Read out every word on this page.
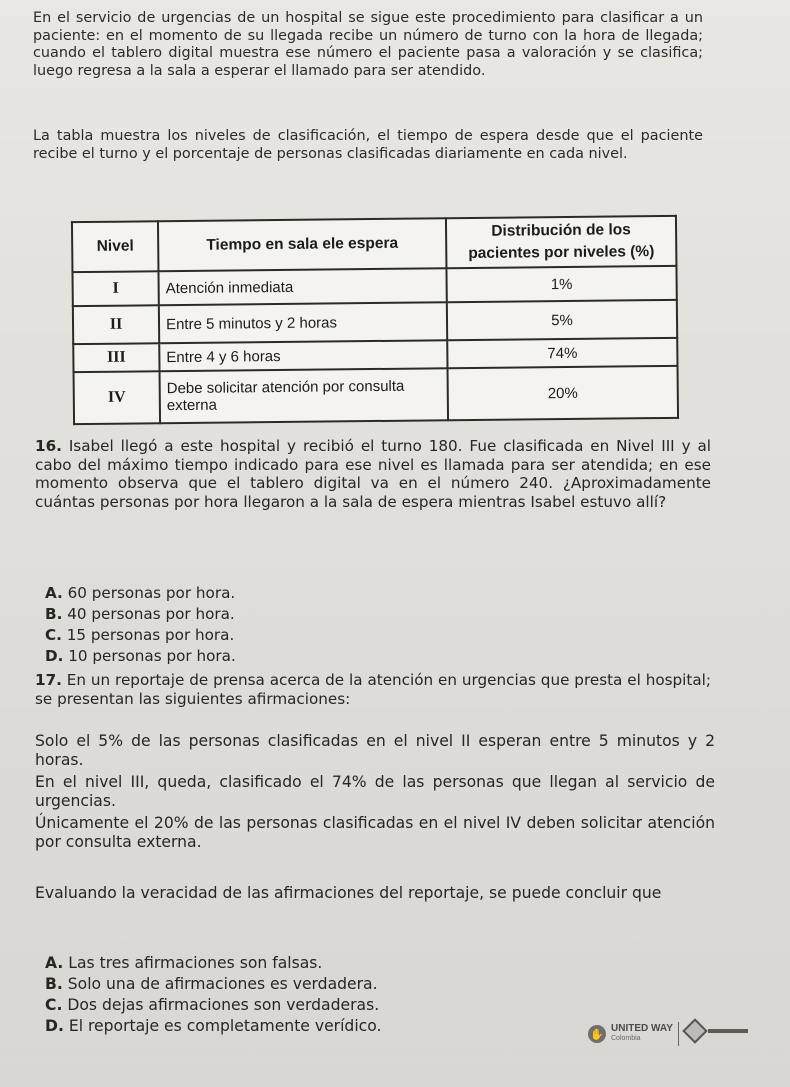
En el servicio de urgencias de un hospital se sigue este procedimiento para clasificar a un paciente: en el momento de su llegada recibe un número de turno con la hora de llegada; cuando el tablero digital muestra ese número el paciente pasa a valoración y se clasifica; luego regresa a la sala a esperar el llamado para ser atendido.
La tabla muestra los niveles de clasificación, el tiempo de espera desde que el paciente recibe el turno y el porcentaje de personas clasificadas diariamente en cada nivel.
Nivel	Tiempo en sala ele espera	Distribución de los
pacientes por niveles (%)
I	Atención inmediata	1%
II	Entre 5 minutos y 2 horas	5%
III	Entre 4 y 6 horas	74%
IV	Debe solicitar atención por consulta externa	20%
16. Isabel llegó a este hospital y recibió el turno 180. Fue clasificada en Nivel III y al cabo del máximo tiempo indicado para ese nivel es llamada para ser atendida; en ese momento observa que el tablero digital va en el número 240. ¿Aproximadamente cuántas personas por hora llegaron a la sala de espera mientras Isabel estuvo allí?
A. 60 personas por hora.
B. 40 personas por hora.
C. 15 personas por hora.
D. 10 personas por hora.
17. En un reportaje de prensa acerca de la atención en urgencias que presta el hospital; se presentan las siguientes afirmaciones:
Solo el 5% de las personas clasificadas en el nivel II esperan entre 5 minutos y 2 horas.
En el nivel III, queda, clasificado el 74% de las personas que llegan al servicio de urgencias.
Únicamente el 20% de las personas clasificadas en el nivel IV deben solicitar atención por consulta externa.
Evaluando la veracidad de las afirmaciones del reportaje, se puede concluir que
A. Las tres afirmaciones son falsas.
B. Solo una de afirmaciones es verdadera.
C. Dos dejas afirmaciones son verdaderas.
D. El reportaje es completamente verídico.	✋ UNITED WAY
Colombia
